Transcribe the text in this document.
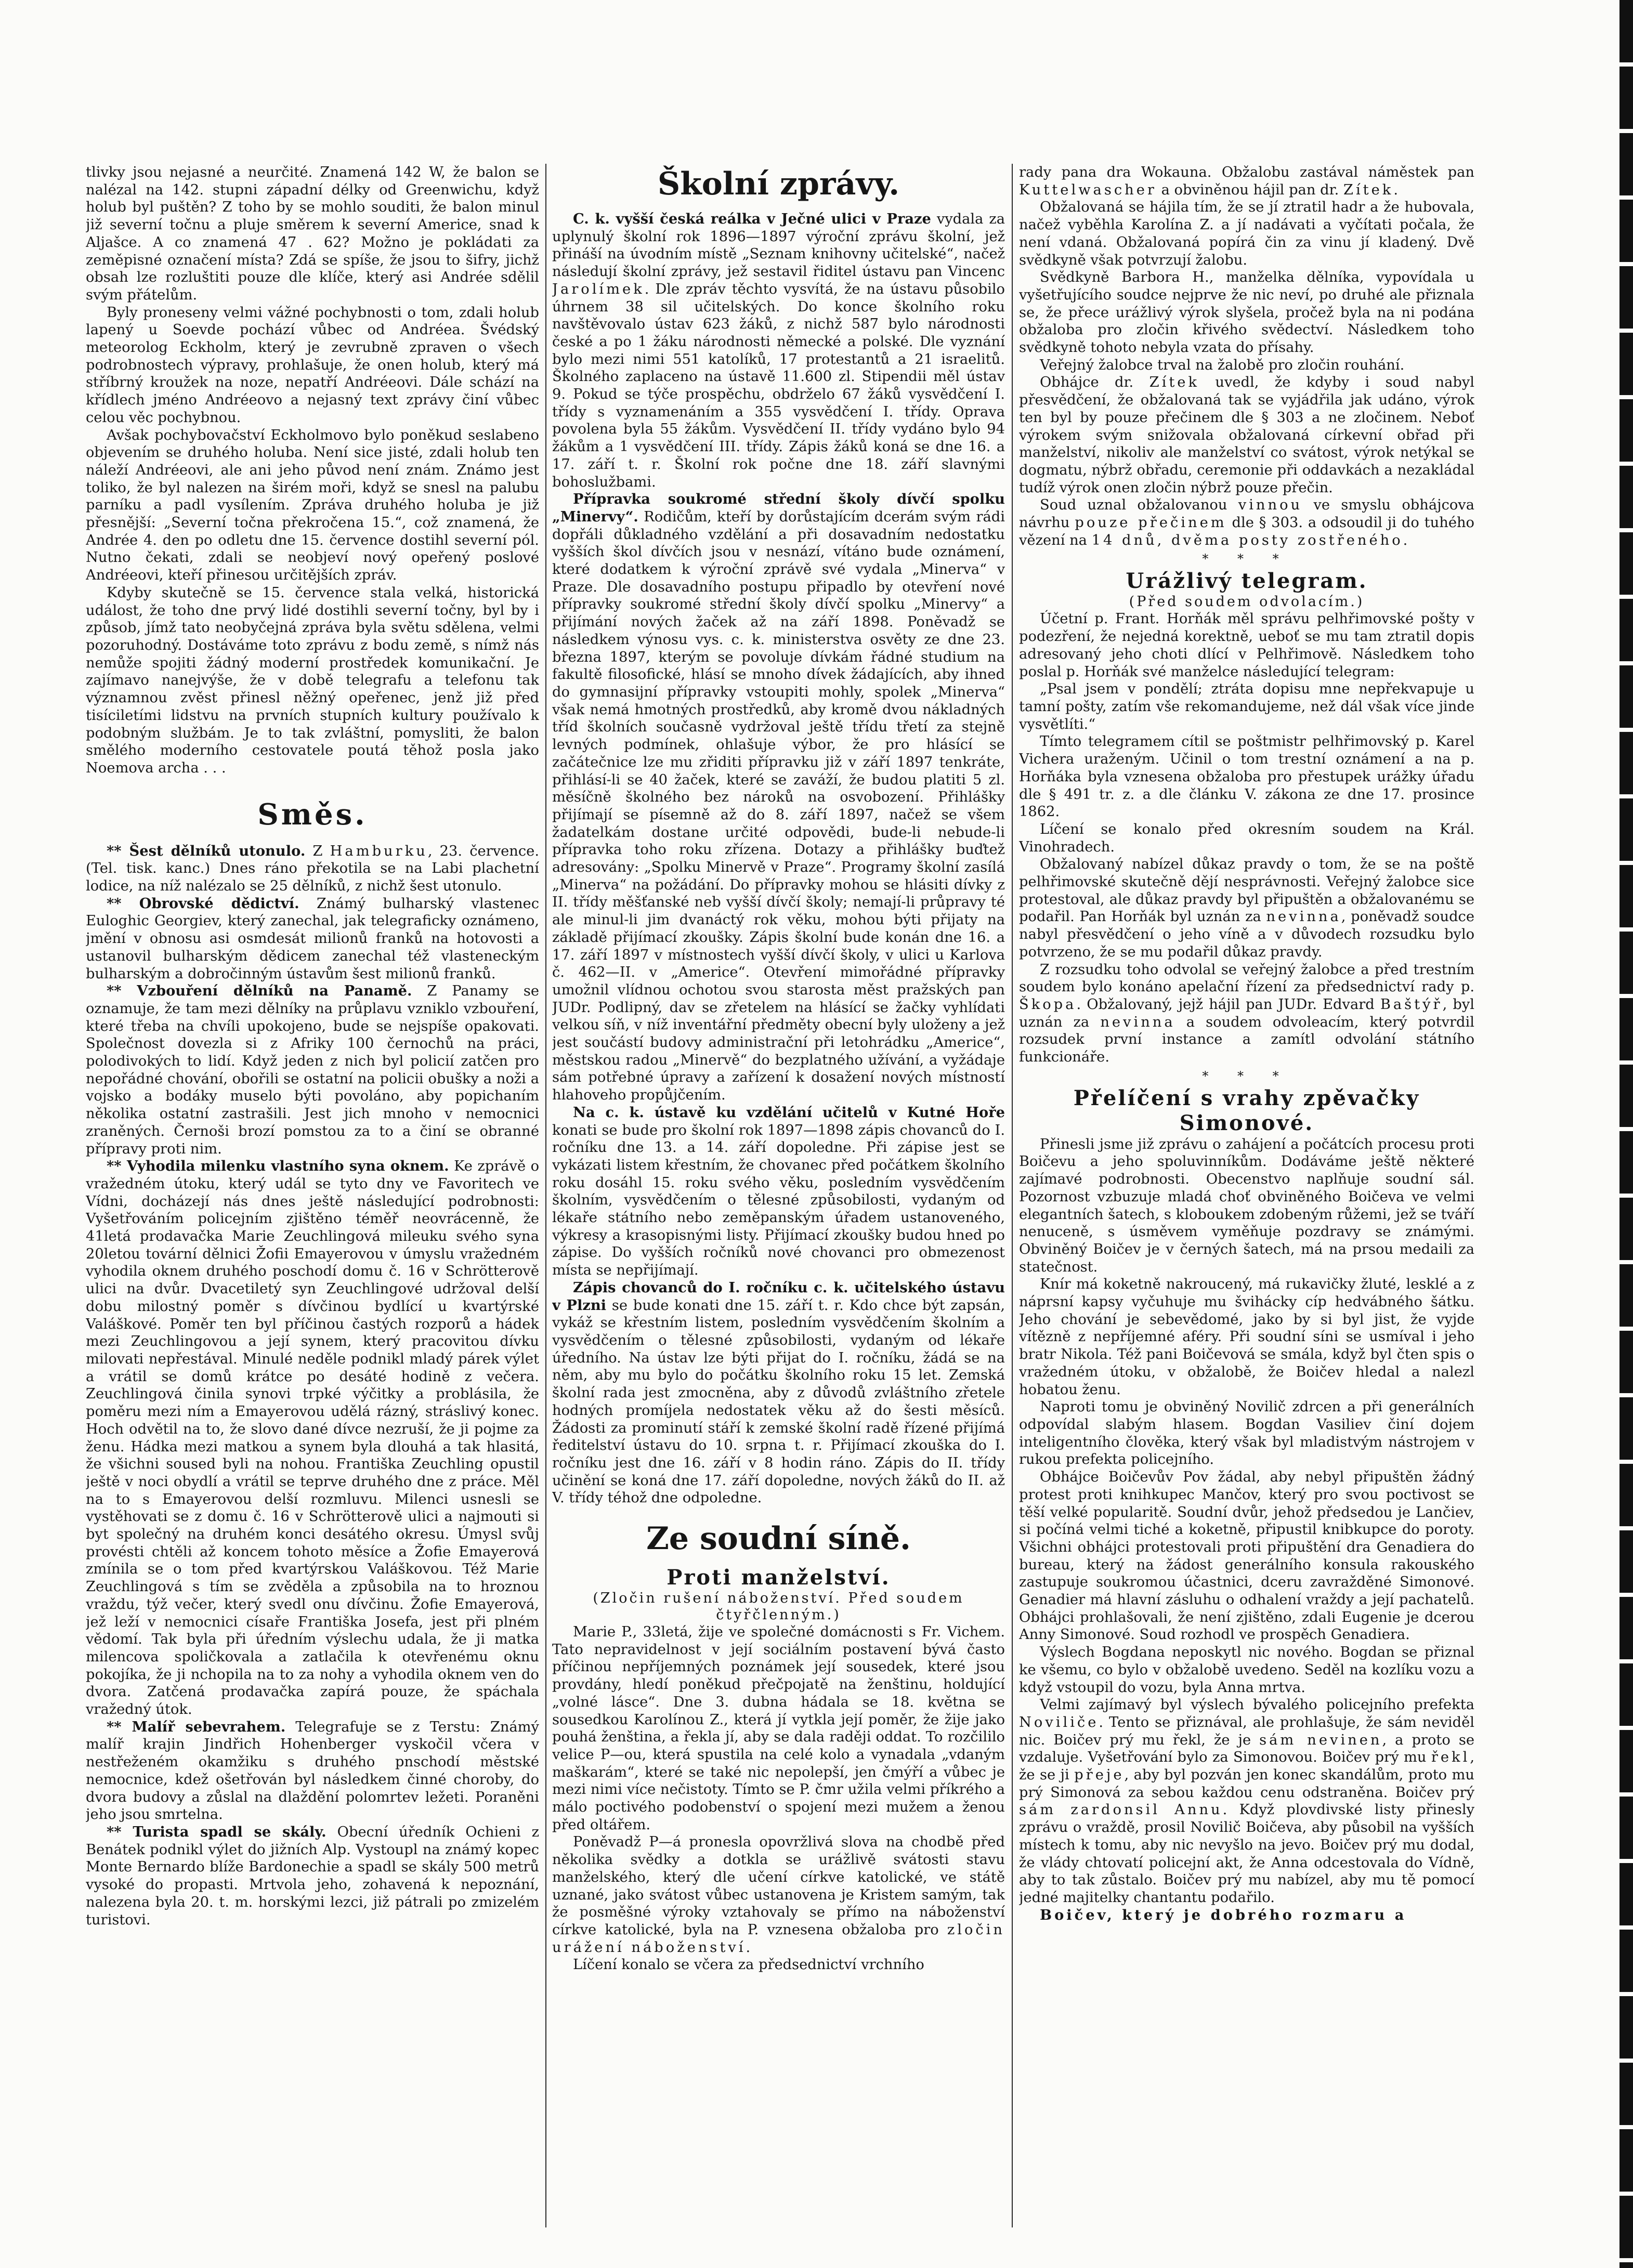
tlivky jsou nejasné a neurčité. Znamená 142 W, že balon se nalézal na 142. stupni západní délky od Greenwichu, když holub byl puštěn? Z toho by se mohlo souditi, že balon minul již severní točnu a pluje směrem k severní Americe, snad k Aljašce. A co znamená 47 . 62? Možno je pokládati za zeměpisné označení místa? Zdá se spíše, že jsou to šifry, jichž obsah lze rozluštiti pouze dle klíče, který asi Andrée sdělil svým přátelům.

Byly proneseny velmi vážné pochybnosti o tom, zdali holub lapený u Soevde pochází vůbec od Andréea. Švédský meteorolog Eckholm, který je zevrubně zpraven o všech podrobnostech výpravy, prohlašuje, že onen holub, který má stříbrný kroužek na noze, nepatří Andréeovi. Dále schází na křídlech jméno Andréeovo a nejasný text zprávy činí vůbec celou věc pochybnou.

Avšak pochybovačství Eckholmovo bylo poněkud seslabeno objevením se druhého holuba. Není sice jisté, zdali holub ten náleží Andréeovi, ale ani jeho původ není znám. Známo jest toliko, že byl nalezen na širém moři, když se snesl na palubu parníku a padl vysílením. Zpráva druhého holuba je již přesnější: „Severní točna překročena 15.“, což znamená, že Andrée 4. den po odletu dne 15. července dostihl severní pól. Nutno čekati, zdali se neobjeví nový opeřený poslové Andréeovi, kteří přinesou určitějších zpráv.

Kdyby skutečně se 15. července stala velká, historická událost, že toho dne prvý lidé dostihli severní točny, byl by i způsob, jímž tato neobyčejná zpráva byla světu sdělena, velmi pozoruhodný. Dostáváme toto zprávu z bodu země, s nímž nás nemůže spojiti žádný moderní prostředek komunikační. Je zajímavo nanejvýše, že v době telegrafu a telefonu tak významnou zvěst přinesl něžný opeřenec, jenž již před tisíciletími lidstvu na prvních stupních kultury používalo k podobným službám. Je to tak zvláštní, pomysliti, že balon smělého moderního cestovatele poutá těhož posla jako Noemova archa . . .

Směs.

** Šest dělníků utonulo. Z Hamburku, 23. července. (Tel. tisk. kanc.) Dnes ráno překotila se na Labi plachetní lodice, na níž nalézalo se 25 dělníků, z nichž šest utonulo.

** Obrovské dědictví. Známý bulharský vlastenec Euloghic Georgiev, který zanechal, jak telegraficky oznámeno, jmění v obnosu asi osmdesát milionů franků na hotovosti a ustanovil bulharským dědicem zanechal též vlasteneckým bulharským a dobročinným ústavům šest milionů franků.

** Vzbouření dělníků na Panamě. Z Panamy se oznamuje, že tam mezi dělníky na průplavu vzniklo vzbouření, které třeba na chvíli upokojeno, bude se nejspíše opakovati. Společnost dovezla si z Afriky 100 černochů na práci, polodivokých to lidí. Když jeden z nich byl policií zatčen pro nepořádné chování, obořili se ostatní na policii obušky a noži a vojsko a bodáky muselo býti povoláno, aby popichaním několika ostatní zastrašili. Jest jich mnoho v nemocnici zraněných. Černoši brozí pomstou za to a činí se obranné přípravy proti nim.

** Vyhodila milenku vlastního syna oknem. Ke zprávě o vražedném útoku, který udál se tyto dny ve Favoritech ve Vídni, docházejí nás dnes ještě následující podrobnosti: Vyšetřováním policejním zjištěno téměř neovrácenně, že 41letá prodavačka Marie Zeuchlingová mileuku svého syna 20letou tovární dělnici Žofii Emayerovou v úmyslu vražedném vyhodila oknem druhého poschodí domu č. 16 v Schrötterově ulici na dvůr. Dvacetiletý syn Zeuchlingové udržoval delší dobu milostný poměr s dívčinou bydlící u kvartýrské Valáškové. Poměr ten byl příčinou častých rozporů a hádek mezi Zeuchlingovou a její synem, který pracovitou dívku milovati nepřestával. Minulé neděle podnikl mladý párek výlet a vrátil se domů krátce po desáté hodině z večera. Zeuchlingová činila synovi trpké výčitky a problásila, že poměru mezi ním a Emayerovou udělá rázný, stráslivý konec. Hoch odvětil na to, že slovo dané dívce nezruší, že ji pojme za ženu. Hádka mezi matkou a synem byla dlouhá a tak hlasitá, že všichni soused byli na nohou. Františka Zeuchling opustil ještě v noci obydlí a vrátil se teprve druhého dne z práce. Měl na to s Emayerovou delší rozmluvu. Milenci usnesli se vystěhovati se z domu č. 16 v Schrötterově ulici a najmouti si byt společný na druhém konci desátého okresu. Úmysl svůj provésti chtěli až koncem tohoto měsíce a Žofie Emayerová zmínila se o tom před kvartýrskou Valáškovou. Též Marie Zeuchlingová s tím se zvěděla a způsobila na to hroznou vraždu, týž večer, který svedl onu dívčinu. Žofie Emayerová, jež leží v nemocnici císaře Františka Josefa, jest při plném vědomí. Tak byla při úředním výslechu udala, že ji matka milencova spoličkovala a zatlačila k otevřenému oknu pokojíka, že ji nchopila na to za nohy a vyhodila oknem ven do dvora. Zatčená prodavačka zapírá pouze, že spáchala vražedný útok.

** Malíř sebevrahem. Telegrafuje se z Terstu: Známý malíř krajin Jindřich Hohenberger vyskočil včera v nestřeženém okamžiku s druhého pnschodí městské nemocnice, kdež ošetřován byl následkem činné choroby, do dvora budovy a zůslal na dlaždění polomrtev ležeti. Poraněni jeho jsou smrtelna.

** Turista spadl se skály. Obecní úředník Ochieni z Benátek podnikl výlet do jižních Alp. Vystoupl na známý kopec Monte Bernardo blíže Bardonechie a spadl se skály 500 metrů vysoké do propasti. Mrtvola jeho, zohavená k nepoznání, nalezena byla 20. t. m. horskými lezci, již pátrali po zmizelém turistovi.

Školní zprávy.

C. k. vyšší česká reálka v Ječné ulici v Praze vydala za uplynulý školní rok 1896—1897 výroční zprávu školní, jež přináší na úvodním místě „Seznam knihovny učitelské“, načež následují školní zprávy, jež sestavil řiditel ústavu pan Vincenc Jarolímek. Dle zpráv těchto vysvítá, že na ústavu působilo úhrnem 38 sil učitelských. Do konce školního roku navštěvovalo ústav 623 žáků, z nichž 587 bylo národnosti české a po 1 žáku národnosti německé a polské. Dle vyznání bylo mezi nimi 551 katolíků, 17 protestantů a 21 israelitů. Školného zaplaceno na ústavě 11.600 zl. Stipendii měl ústav 9. Pokud se týče prospěchu, obdrželo 67 žáků vysvědčení I. třídy s vyznamenáním a 355 vysvědčení I. třídy. Oprava povolena byla 55 žákům. Vysvědčení II. třídy vydáno bylo 94 žákům a 1 vysvědčení III. třídy. Zápis žáků koná se dne 16. a 17. září t. r. Školní rok počne dne 18. září slavnými bohoslužbami.

Přípravka soukromé střední školy dívčí spolku „Minervy“. Rodičům, kteří by dorůstajícím dcerám svým rádi dopřáli důkladného vzdělání a při dosavadním nedostatku vyšších škol dívčích jsou v nesnází, vítáno bude oznámení, které dodatkem k výroční zprávě své vydala „Minerva“ v Praze. Dle dosavadního postupu připadlo by otevření nové přípravky soukromé střední školy dívčí spolku „Minervy“ a přijímání nových žaček až na září 1898. Poněvadž se následkem výnosu vys. c. k. ministerstva osvěty ze dne 23. března 1897, kterým se povoluje dívkám řádné studium na fakultě filosofické, hlásí se mnoho dívek žádajících, aby ihned do gymnasijní přípravky vstoupiti mohly, spolek „Minerva“ však nemá hmotných prostředků, aby kromě dvou nákladných tříd školních současně vydržoval ještě třídu třetí za stejně levných podmínek, ohlašuje výbor, že pro hlásící se začátečnice lze mu zřiditi přípravku již v září 1897 tenkráte, přihlásí-li se 40 žaček, které se zaváží, že budou platiti 5 zl. měsíčně školného bez nároků na osvobození. Přihlášky přijímají se písemně až do 8. září 1897, načež se všem žadatelkám dostane určité odpovědi, bude-li nebude-li přípravka toho roku zřízena. Dotazy a přihlášky buďtež adresovány: „Spolku Minervě v Praze“. Programy školní zasílá „Minerva“ na požádání. Do přípravky mohou se hlásiti dívky z II. třídy měšťanské neb vyšší dívčí školy; nemají-li průpravy té ale minul-li jim dvanáctý rok věku, mohou býti přijaty na základě přijímací zkoušky. Zápis školní bude konán dne 16. a 17. září 1897 v místnostech vyšší dívčí školy, v ulici u Karlova č. 462—II. v „Americe“. Otevření mimořádné přípravky umožnil vlídnou ochotou svou starosta měst pražských pan JUDr. Podlipný, dav se zřetelem na hlásící se žačky vyhlídati velkou síň, v níž inventářní předměty obecní byly uloženy a jež jest součástí budovy administrační při letohrádku „Americe“, městskou radou „Minervě“ do bezplatného užívání, a vyžádaje sám potřebné úpravy a zařízení k dosažení nových místností hlahoveho propůjčením.

Na c. k. ústavě ku vzdělání učitelů v Kutné Hoře konati se bude pro školní rok 1897—1898 zápis chovanců do I. ročníku dne 13. a 14. září dopoledne. Při zápise jest se vykázati listem křestním, že chovanec před počátkem školního roku dosáhl 15. roku svého věku, posledním vysvědčením školním, vysvědčením o tělesné způsobilosti, vydaným od lékaře státního nebo zeměpanským úřadem ustanoveného, výkresy a krasopisnými listy. Přijímací zkoušky budou hned po zápise. Do vyšších ročníků nové chovanci pro obmezenost místa se nepřijímají.

Zápis chovanců do I. ročníku c. k. učitelského ústavu v Plzni se bude konati dne 15. září t. r. Kdo chce být zapsán, vykáž se křestním listem, posledním vysvědčením školním a vysvědčením o tělesné způsobilosti, vydaným od lékaře úředního. Na ústav lze býti přijat do I. ročníku, žádá se na něm, aby mu bylo do počátku školního roku 15 let. Zemská školní rada jest zmocněna, aby z důvodů zvláštního zřetele hodných promíjela nedostatek věku až do šesti měsíců. Žádosti za prominutí stáří k zemské školní radě řízené přijímá ředitelství ústavu do 10. srpna t. r. Přijímací zkouška do I. ročníku jest dne 16. září v 8 hodin ráno. Zápis do II. třídy učinění se koná dne 17. září dopoledne, nových žáků do II. až V. třídy téhož dne odpoledne.

Ze soudní síně.
Proti manželství.
(Zločin rušení náboženství. Před soudem čtyřčlenným.)

Marie P., 33letá, žije ve společné domácnosti s Fr. Vichem. Tato nepravidelnost v její sociálním postavení bývá často příčinou nepříjemných poznámek její sousedek, které jsou provdány, hledí poněkud přečpojatě na ženštinu, holdující „volné lásce“. Dne 3. dubna hádala se 18. května se sousedkou Karolínou Z., která jí vytkla její poměr, že žije jako pouhá ženština, a řekla jí, aby se dala raději oddat. To rozčililo velice P—ou, která spustila na celé kolo a vynadala „vdaným maškarám“, které se také nic nepolepší, jen čmýří a vůbec je mezi nimi více nečistoty. Tímto se P. čmr užila velmi příkrého a málo poctivého podobenství o spojení mezi mužem a ženou před oltářem.

Poněvadž P—á pronesla opovržlivá slova na chodbě před několika svědky a dotkla se urážlivě svátosti stavu manželského, který dle učení církve katolické, ve státě uznané, jako svátost vůbec ustanovena je Kristem samým, tak že posměšné výroky vztahovaly se přímo na náboženství církve katolické, byla na P. vznesena obžaloba pro zločin urážení náboženství.

Líčení konalo se včera za předsednictví vrchního

rady pana dra Wokauna. Obžalobu zastával náměstek pan Kuttelwascher a obviněnou hájil pan dr. Zítek.

Obžalovaná se hájila tím, že se jí ztratil hadr a že hubovala, načež vyběhla Karolína Z. a jí nadávati a vyčítati počala, že není vdaná. Obžalovaná popírá čin za vinu jí kladený. Dvě svědkyně však potvrzují žalobu.

Svědkyně Barbora H., manželka dělníka, vypovídala u vyšetřujícího soudce nejprve že nic neví, po druhé ale přiznala se, že přece urážlivý výrok slyšela, pročež byla na ni podána obžaloba pro zločin křivého svědectví. Následkem toho svědkyně tohoto nebyla vzata do přísahy.

Veřejný žalobce trval na žalobě pro zločin rouhání.

Obhájce dr. Zítek uvedl, že kdyby i soud nabyl přesvědčení, že obžalovaná tak se vyjádřila jak udáno, výrok ten byl by pouze přečinem dle § 303 a ne zločinem. Neboť výrokem svým snižovala obžalovaná církevní obřad při manželství, nikoliv ale manželství co svátost, výrok netýkal se dogmatu, nýbrž obřadu, ceremonie při oddavkách a nezakládal tudíž výrok onen zločin nýbrž pouze přečin.

Soud uznal obžalovanou vinnou ve smyslu obhájcova návrhu pouze přečinem dle § 303. a odsoudil ji do tuhého vězení na 14 dnů, dvěma posty zostřeného.

* * *
Urážlivý telegram.
(Před soudem odvolacím.)

Účetní p. Frant. Horňák měl správu pelhřimovské pošty v podezření, že nejedná korektně, ueboť se mu tam ztratil dopis adresovaný jeho choti dlící v Pelhřimově. Následkem toho poslal p. Horňák své manželce následující telegram:

„Psal jsem v pondělí; ztráta dopisu mne nepřekvapuje u tamní pošty, zatím vše rekomandujeme, než dál však více jinde vysvětlíti.“

Tímto telegramem cítil se poštmistr pelhřimovský p. Karel Vichera uraženým. Učinil o tom trestní oznámení a na p. Horňáka byla vznesena obžaloba pro přestupek urážky úřadu dle § 491 tr. z. a dle článku V. zákona ze dne 17. prosince 1862.

Líčení se konalo před okresním soudem na Král. Vinohradech.

Obžalovaný nabízel důkaz pravdy o tom, že se na poště pelhřimovské skutečně dějí nesprávnosti. Veřejný žalobce sice protestoval, ale důkaz pravdy byl připuštěn a obžalovanému se podařil. Pan Horňák byl uznán za nevinna, poněvadž soudce nabyl přesvědčení o jeho víně a v důvodech rozsudku bylo potvrzeno, že se mu podařil důkaz pravdy.

Z rozsudku toho odvolal se veřejný žalobce a před trestním soudem bylo konáno apelační řízení za předsednictví rady p. Škopa. Obžalovaný, jejž hájil pan JUDr. Edvard Baštýř, byl uznán za nevinna a soudem odvoleacím, který potvrdil rozsudek první instance a zamítl odvolání státního funkcionáře.

* * *
Přelíčení s vrahy zpěvačky Simonové.

Přinesli jsme již zprávu o zahájení a počátcích procesu proti Boičevu a jeho spoluvinníkům. Dodáváme ještě některé zajímavé podrobnosti. Obecenstvo naplňuje soudní sál. Pozornost vzbuzuje mladá choť obviněného Boičeva ve velmi elegantních šatech, s kloboukem zdobeným růžemi, jež se tváří nenuceně, s úsměvem vyměňuje pozdravy se známými. Obviněný Boičev je v černých šatech, má na prsou medaili za statečnost.

Knír má koketně nakroucený, má rukavičky žluté, lesklé a z náprsní kapsy vyčuhuje mu švihácky cíp hedvábného šátku. Jeho chování je sebevědomé, jako by si byl jist, že vyjde vítězně z nepříjemné aféry. Při soudní síni se usmíval i jeho bratr Nikola. Též pani Boičevová se smála, když byl čten spis o vražedném útoku, v obžalobě, že Boičev hledal a nalezl hobatou ženu.

Naproti tomu je obviněný Novilič zdrcen a při generálních odpovídal slabým hlasem. Bogdan Vasiliev činí dojem inteligentního člověka, který však byl mladistvým nástrojem v rukou prefekta policejního.

Obhájce Boičevův Pov žádal, aby nebyl připuštěn žádný protest proti knihkupec Mančov, který pro svou poctivost se těší velké popularitě. Soudní dvůr, jehož předsedou je Lančiev, si počíná velmi tiché a koketně, připustil knibkupce do poroty. Všichni obhájci protestovali proti připuštění dra Genadiera do bureau, který na žádost generálního konsula rakouského zastupuje soukromou účastnici, dceru zavražděné Simonové. Genadier má hlavní zásluhu o odhalení vraždy a její pachatelů. Obhájci prohlašovali, že není zjištěno, zdali Eugenie je dcerou Anny Simonové. Soud rozhodl ve prospěch Genadiera.

Výslech Bogdana neposkytl nic nového. Bogdan se přiznal ke všemu, co bylo v obžalobě uvedeno. Seděl na kozlíku vozu a když vstoupil do vozu, byla Anna mrtva.

Velmi zajímavý byl výslech bývalého policejního prefekta Noviliče. Tento se přiznával, ale prohlašuje, že sám neviděl nic. Boičev prý mu řekl, že je sám nevinen, a proto se vzdaluje. Vyšetřování bylo za Simonovou. Boičev prý mu řekl, že se ji přeje, aby byl pozván jen konec skandálům, proto mu prý Simonová za sebou každou cenu odstraněna. Boičev prý sám zardonsil Annu. Když plovdivské listy přinesly zprávu o vraždě, prosil Novilič Boičeva, aby působil na vyšších místech k tomu, aby nic nevyšlo na jevo. Boičev prý mu dodal, že vlády chtovatí policejní akt, že Anna odcestovala do Vídně, aby to tak zůstalo. Boičev prý mu nabízel, aby mu tě pomocí jedné majitelky chantantu podařilo.

Boičev, který je dobrého rozmaru a
